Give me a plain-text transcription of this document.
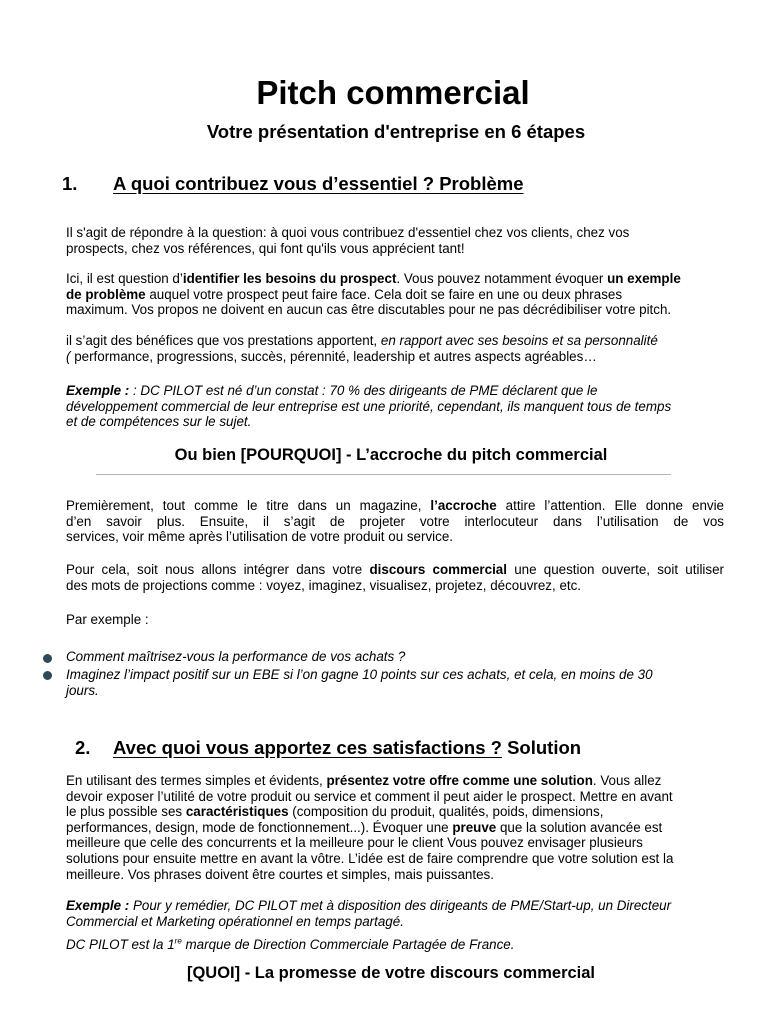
Pitch commercial
Votre présentation d'entreprise en 6 étapes
1. A quoi contribuez vous d’essentiel ? Problème
Il s'agit de répondre à la question: à quoi vous contribuez d'essentiel chez vos clients, chez vos
prospects, chez vos références, qui font qu'ils vous apprécient tant!
Ici, il est question d’identifier les besoins du prospect. Vous pouvez notamment évoquer un exemple
de problème auquel votre prospect peut faire face. Cela doit se faire en une ou deux phrases
maximum. Vos propos ne doivent en aucun cas être discutables pour ne pas décrédibiliser votre pitch.
il s’agit des bénéfices que vos prestations apportent, en rapport avec ses besoins et sa personnalité
( performance, progressions, succès, pérennité, leadership et autres aspects agréables…
Exemple : : DC PILOT est né d’un constat : 70 % des dirigeants de PME déclarent que le
développement commercial de leur entreprise est une priorité, cependant, ils manquent tous de temps
et de compétences sur le sujet.
Ou bien [POURQUOI] - L’accroche du pitch commercial
Premièrement, tout comme le titre dans un magazine, l’accroche attire l’attention. Elle donne envie
d’en savoir plus. Ensuite, il s’agit de projeter votre interlocuteur dans l’utilisation de vos
services, voir même après l’utilisation de votre produit ou service.
Pour cela, soit nous allons intégrer dans votre discours commercial une question ouverte, soit utiliser
des mots de projections comme : voyez, imaginez, visualisez, projetez, découvrez, etc.
Par exemple :
Comment maîtrisez-vous la performance de vos achats ?
Imaginez l’impact positif sur un EBE si l’on gagne 10 points sur ces achats, et cela, en moins de 30
jours.
2. Avec quoi vous apportez ces satisfactions ? Solution
En utilisant des termes simples et évidents, présentez votre offre comme une solution. Vous allez
devoir exposer l’utilité de votre produit ou service et comment il peut aider le prospect. Mettre en avant
le plus possible ses caractéristiques (composition du produit, qualités, poids, dimensions,
performances, design, mode de fonctionnement...). Évoquer une preuve que la solution avancée est
meilleure que celle des concurrents et la meilleure pour le client Vous pouvez envisager plusieurs
solutions pour ensuite mettre en avant la vôtre. L’idée est de faire comprendre que votre solution est la
meilleure. Vos phrases doivent être courtes et simples, mais puissantes.
Exemple : Pour y remédier, DC PILOT met à disposition des dirigeants de PME/Start-up, un Directeur
Commercial et Marketing opérationnel en temps partagé.
DC PILOT est la 1re marque de Direction Commerciale Partagée de France.
[QUOI] - La promesse de votre discours commercial
